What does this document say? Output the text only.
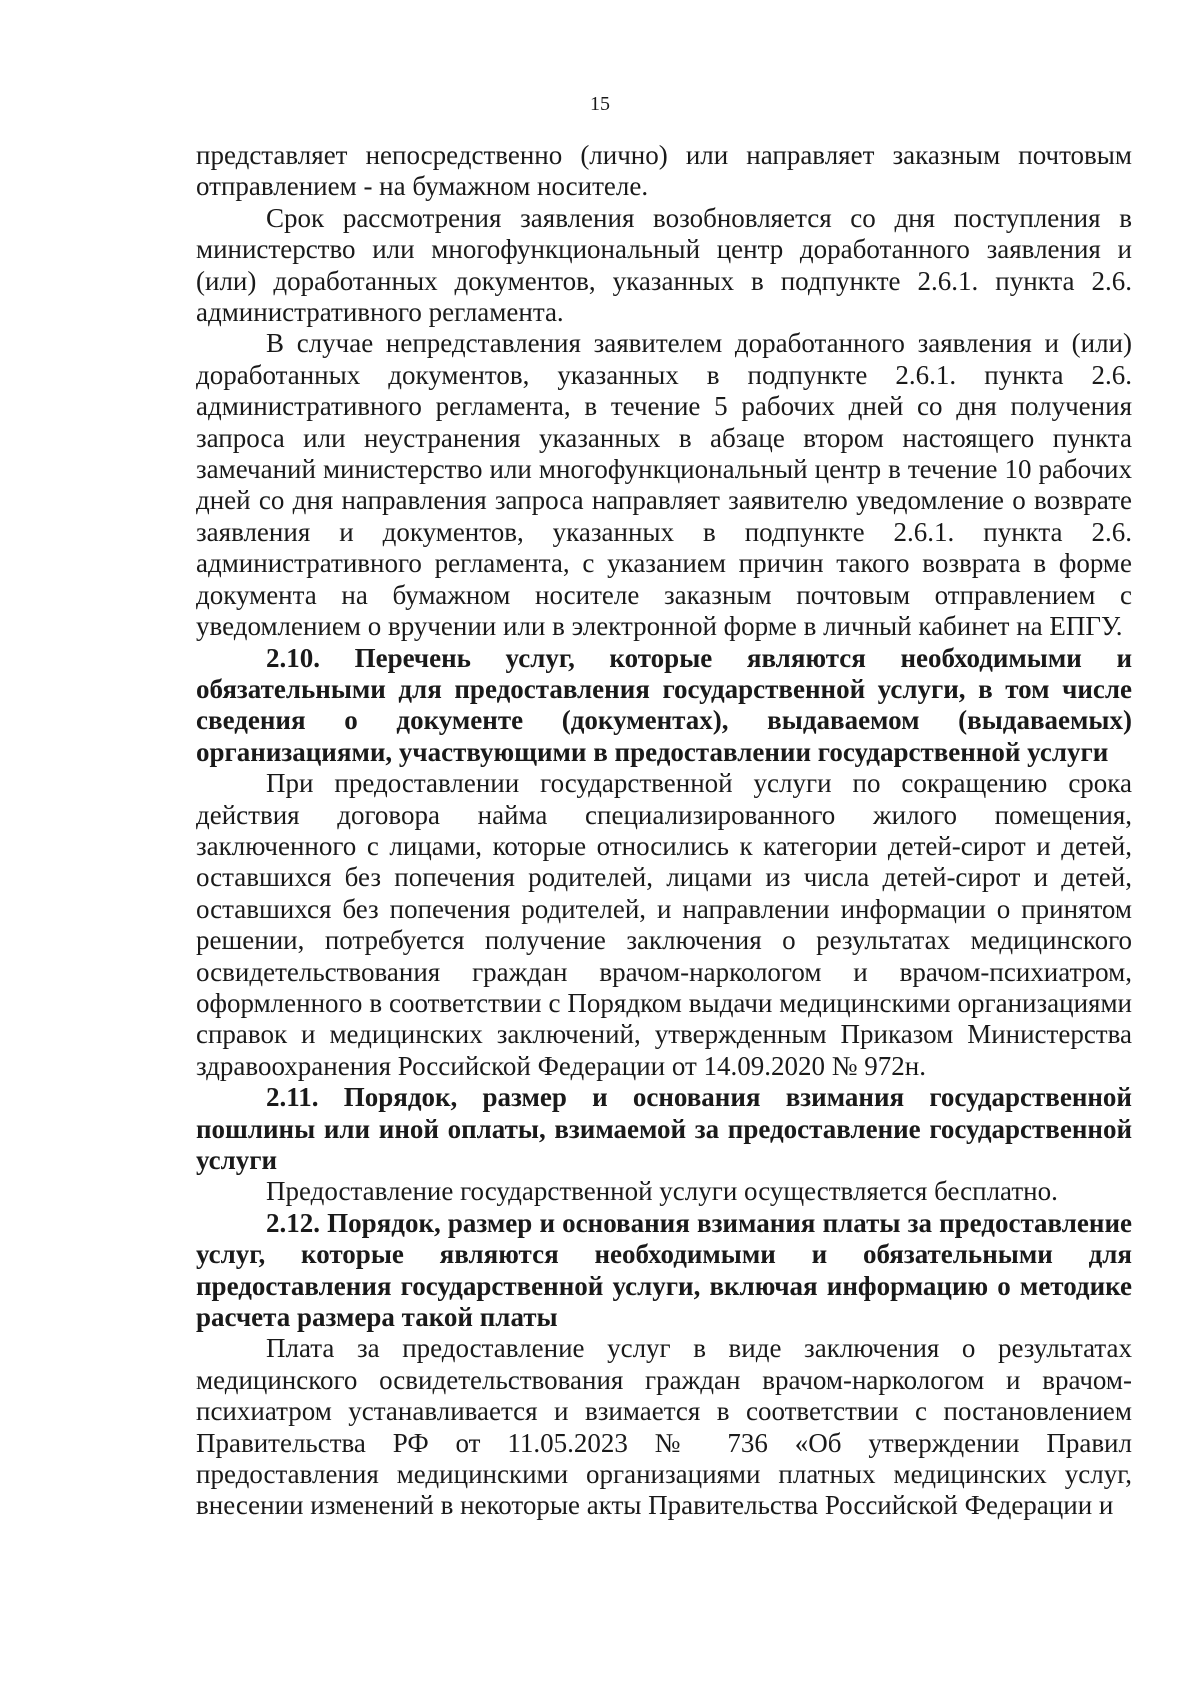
15

представляет непосредственно (лично) или направляет заказным почтовым отправлением - на бумажном носителе.

Срок рассмотрения заявления возобновляется со дня поступления в министерство или многофункциональный центр доработанного заявления и (или) доработанных документов, указанных в подпункте 2.6.1. пункта 2.6. административного регламента.

В случае непредставления заявителем доработанного заявления и (или) доработанных документов, указанных в подпункте 2.6.1. пункта 2.6. административного регламента, в течение 5 рабочих дней со дня получения запроса или неустранения указанных в абзаце втором настоящего пункта замечаний министерство или многофункциональный центр в течение 10 рабочих дней со дня направления запроса направляет заявителю уведомление о возврате заявления и документов, указанных в подпункте 2.6.1. пункта 2.6. административного регламента, с указанием причин такого возврата в форме документа на бумажном носителе заказным почтовым отправлением с уведомлением о вручении или в электронной форме в личный кабинет на ЕПГУ.

2.10. Перечень услуг, которые являются необходимыми и обязательными для предоставления государственной услуги, в том числе сведения о документе (документах), выдаваемом (выдаваемых) организациями, участвующими в предоставлении государственной услуги

При предоставлении государственной услуги по сокращению срока действия договора найма специализированного жилого помещения, заключенного с лицами, которые относились к категории детей-сирот и детей, оставшихся без попечения родителей, лицами из числа детей-сирот и детей, оставшихся без попечения родителей, и направлении информации о принятом решении, потребуется получение заключения о результатах медицинского освидетельствования граждан врачом-наркологом и врачом-психиатром, оформленного в соответствии с Порядком выдачи медицинскими организациями справок и медицинских заключений, утвержденным Приказом Министерства здравоохранения Российской Федерации от 14.09.2020 № 972н.

2.11. Порядок, размер и основания взимания государственной пошлины или иной оплаты, взимаемой за предоставление государственной услуги

Предоставление государственной услуги осуществляется бесплатно.

2.12. Порядок, размер и основания взимания платы за предоставление услуг, которые являются необходимыми и обязательными для предоставления государственной услуги, включая информацию о методике расчета размера такой платы

Плата за предоставление услуг в виде заключения о результатах медицинского освидетельствования граждан врачом-наркологом и врачом-психиатром устанавливается и взимается в соответствии с постановлением Правительства РФ от 11.05.2023 № 736 «Об утверждении Правил предоставления медицинскими организациями платных медицинских услуг, внесении изменений в некоторые акты Правительства Российской Федерации и
